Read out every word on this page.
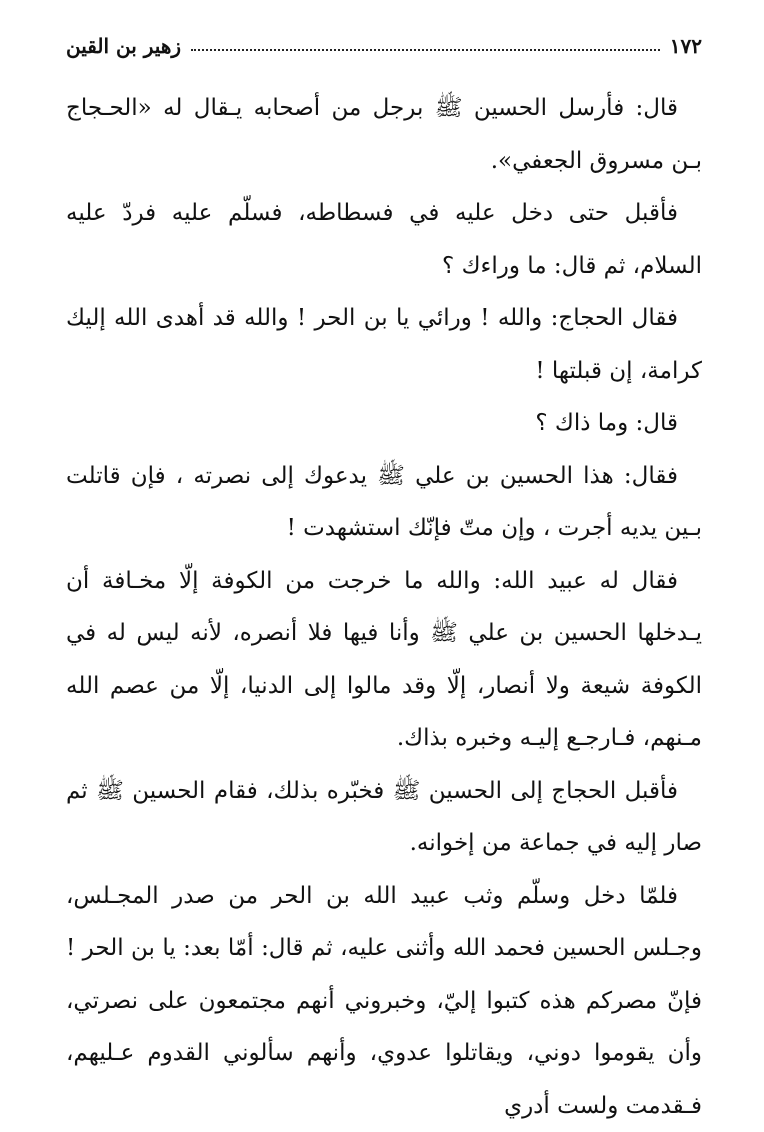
١٧٢
زهير بن القين

قال: فأرسل الحسين ﷺ برجل من أصحابه يـقال له «الحـجاج بـن مسروق الجعفي».

فأقبل حتى دخل عليه في فسطاطه، فسلّم عليه فردّ عليه السلام، ثم قال: ما وراءك ؟

فقال الحجاج: والله ! ورائي يا بن الحر ! والله قد أهدى الله إليك كرامة، إن قبلتها !

قال: وما ذاك ؟

فقال: هذا الحسين بن علي ﷺ يدعوك إلى نصرته ، فإن قاتلت بـين يديه أجرت ، وإن متّ فإنّك استشهدت !

فقال له عبيد الله: والله ما خرجت من الكوفة إلّا مخـافة أن يـدخلها الحسين بن علي ﷺ وأنا فيها فلا أنصره، لأنه ليس له في الكوفة شيعة ولا أنصار، إلّا وقد مالوا إلى الدنيا، إلّا من عصم الله مـنهم، فـارجـع إليـه وخبره بذاك.

فأقبل الحجاج إلى الحسين ﷺ فخبّره بذلك، فقام الحسين ﷺ ثم صار إليه في جماعة من إخوانه.

فلمّا دخل وسلّم وثب عبيد الله بن الحر من صدر المجـلس، وجـلس الحسين فحمد الله وأثنى عليه، ثم قال: أمّا بعد: يا بن الحر ! فإنّ مصركم هذه كتبوا إليّ، وخبروني أنهم مجتمعون على نصرتي، وأن يقوموا دوني، ويقاتلوا عدوي، وأنهم سألوني القدوم عـليهم، فـقدمت ولست أدري
